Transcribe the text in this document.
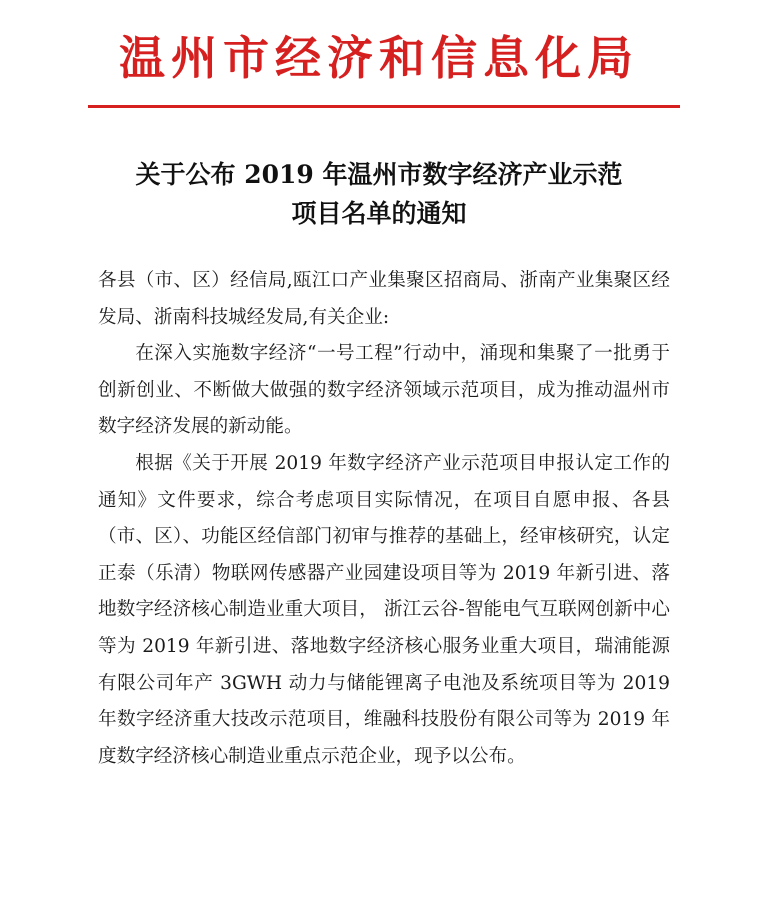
温州市经济和信息化局
关于公布 2019 年温州市数字经济产业示范
项目名单的通知

各县（市、区）经信局,瓯江口产业集聚区招商局、浙南产业集聚区经发局、浙南科技城经发局,有关企业:

在深入实施数字经济“一号工程”行动中，涌现和集聚了一批勇于创新创业、不断做大做强的数字经济领域示范项目，成为推动温州市数字经济发展的新动能。

根据《关于开展 2019 年数字经济产业示范项目申报认定工作的通知》文件要求，综合考虑项目实际情况，在项目自愿申报、各县（市、区）、功能区经信部门初审与推荐的基础上，经审核研究，认定正泰（乐清）物联网传感器产业园建设项目等为 2019 年新引进、落地数字经济核心制造业重大项目， 浙江云谷-智能电气互联网创新中心等为 2019 年新引进、落地数字经济核心服务业重大项目，瑞浦能源有限公司年产 3GWH 动力与储能锂离子电池及系统项目等为 2019 年数字经济重大技改示范项目，维融科技股份有限公司等为 2019 年度数字经济核心制造业重点示范企业，现予以公布。
